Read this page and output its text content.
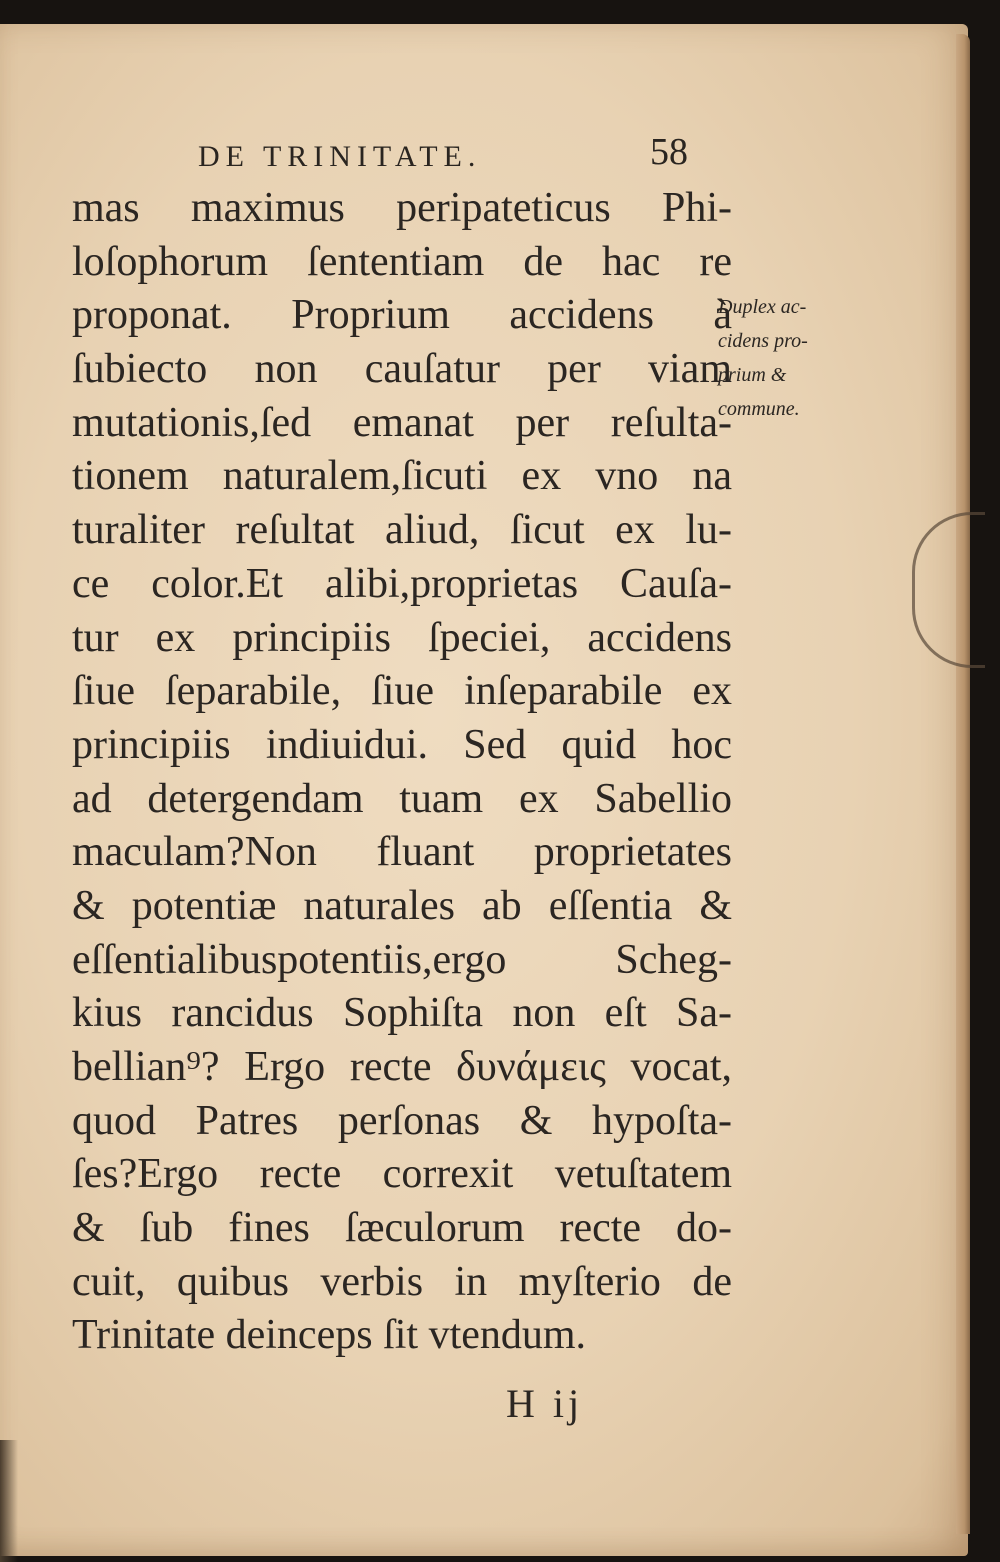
DE TRINITATE.	58
mas maximus peripateticus Phi-
loſophorum ſententiam de hac re
proponat. Proprium accidens à
ſubiecto non cauſatur per viam
mutationis,ſed emanat per reſulta-
tionem naturalem,ſicuti ex vno na
turaliter reſultat aliud, ſicut ex lu-
ce color.Et alibi,proprietas Cauſa-
tur ex principiis ſpeciei, accidens
ſiue ſeparabile, ſiue inſeparabile ex
principiis indiuidui. Sed quid hoc
ad detergendam tuam ex Sabellio
maculam?Non fluant proprietates
& potentiæ naturales ab eſſentia &
eſſentialibuspotentiis,ergo Scheg-
kius rancidus Sophiſta non eſt Sa-
bellian⁹? Ergo recte δυνάμεις vocat,
quod Patres perſonas & hypoſta-
ſes?Ergo recte correxit vetuſtatem
& ſub fines ſæculorum recte do-
cuit, quibus verbis in myſterio de
Trinitate deinceps ſit vtendum.
Duplex ac-
cidens pro-
prium &
commune.
H ij
